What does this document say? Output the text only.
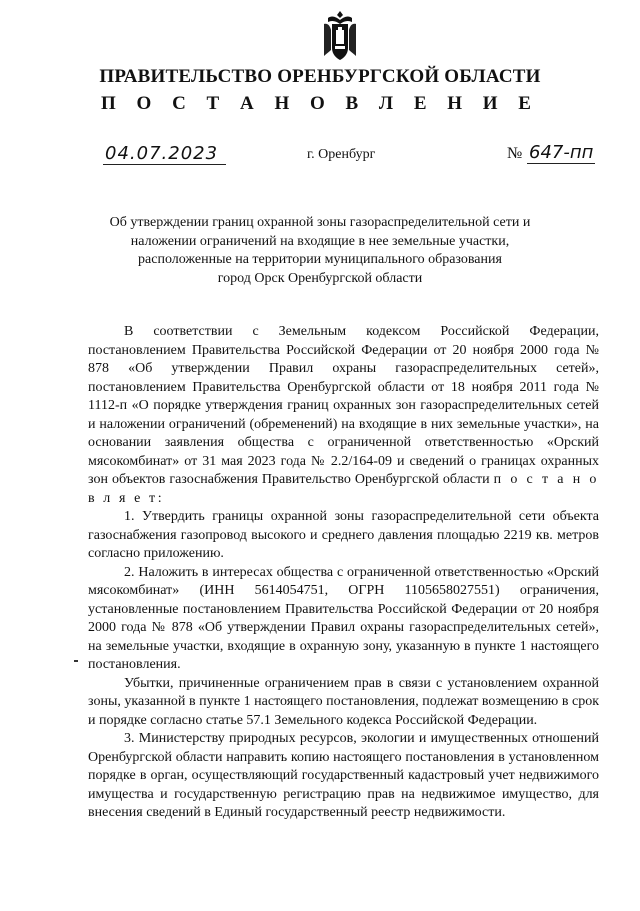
ПРАВИТЕЛЬСТВО ОРЕНБУРГСКОЙ ОБЛАСТИ
П О С Т А Н О В Л Е Н И Е
04.07.2023	г. Оренбург	№ 647-пп
Об утверждении границ охранной зоны газораспределительной сети и
наложении ограничений на входящие в нее земельные участки,
расположенные на территории муниципального образования
город Орск Оренбургской области

В соответствии с Земельным кодексом Российской Федерации, постановлением Правительства Российской Федерации от 20 ноября 2000 года № 878 «Об утверждении Правил охраны газораспределительных сетей», постановлением Правительства Оренбургской области от 18 ноября 2011 года № 1112-п «О порядке утверждения границ охранных зон газораспределительных сетей и наложении ограничений (обременений) на входящие в них земельные участки», на основании заявления общества с ограниченной ответственностью «Орский мясокомбинат» от 31 мая 2023 года № 2.2/164-09 и сведений о границах охранных зон объектов газоснабжения Правительство Оренбургской области п о с т а н о в л я е т:

1. Утвердить границы охранной зоны газораспределительной сети объекта газоснабжения газопровод высокого и среднего давления площадью 2219 кв. метров согласно приложению.

2. Наложить в интересах общества с ограниченной ответственностью «Орский мясокомбинат» (ИНН 5614054751, ОГРН 1105658027551) ограничения, установленные постановлением Правительства Российской Федерации от 20 ноября 2000 года № 878 «Об утверждении Правил охраны газораспределительных сетей», на земельные участки, входящие в охранную зону, указанную в пункте 1 настоящего постановления.

Убытки, причиненные ограничением прав в связи с установлением охранной зоны, указанной в пункте 1 настоящего постановления, подлежат возмещению в срок и порядке согласно статье 57.1 Земельного кодекса Российской Федерации.

3. Министерству природных ресурсов, экологии и имущественных отношений Оренбургской области направить копию настоящего постановления в установленном порядке в орган, осуществляющий государственный кадастровый учет недвижимого имущества и государственную регистрацию прав на недвижимое имущество, для внесения сведений в Единый государственный реестр недвижимости.
